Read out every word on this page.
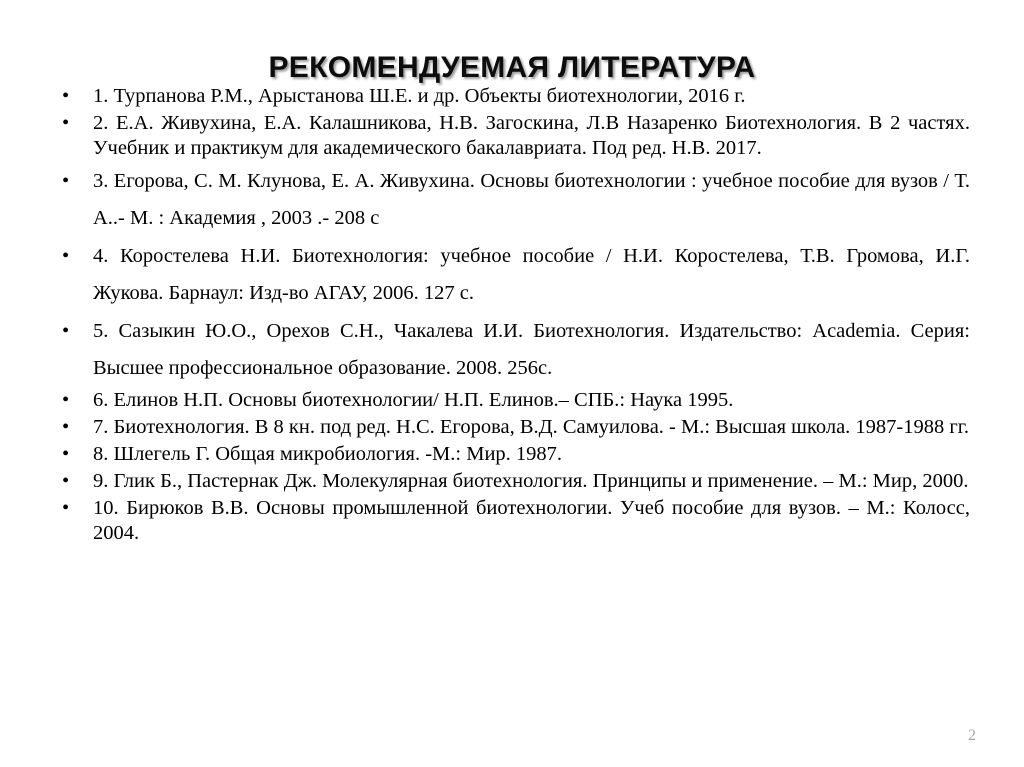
РЕКОМЕНДУЕМАЯ ЛИТЕРАТУРА
• 1. Турпанова Р.М., Арыстанова Ш.Е. и др. Объекты биотехнологии, 2016 г.
• 2. Е.А. Живухина, Е.А. Калашникова, Н.В. Загоскина, Л.В Назаренко Биотехнология. В 2 частях. Учебник и практикум для академического бакалавриата. Под ред. Н.В. 2017.
• 3. Егорова, С. М. Клунова, Е. А. Живухина. Основы биотехнологии : учебное пособие для вузов / Т. А..- М. : Академия , 2003 .- 208 с
• 4. Коростелева Н.И. Биотехнология: учебное пособие / Н.И. Коростелева, Т.В. Громова, И.Г. Жукова. Барнаул: Изд-во АГАУ, 2006. 127 с.
• 5. Сазыкин Ю.О., Орехов С.Н., Чакалева И.И. Биотехнология. Издательство: Academia. Серия: Высшее профессиональное образование. 2008. 256с.
• 6. Елинов Н.П. Основы биотехнологии/ Н.П. Елинов.– СПБ.: Наука 1995.
• 7. Биотехнология. В 8 кн. под ред. Н.С. Егорова, В.Д. Самуилова. - М.: Высшая школа. 1987-1988 гг.
• 8. Шлегель Г. Общая микробиология. -М.: Мир. 1987.
• 9. Глик Б., Пастернак Дж. Молекулярная биотехнология. Принципы и применение. – М.: Мир, 2000.
• 10. Бирюков В.В. Основы промышленной биотехнологии. Учеб пособие для вузов. – М.: Колосс, 2004.
2
